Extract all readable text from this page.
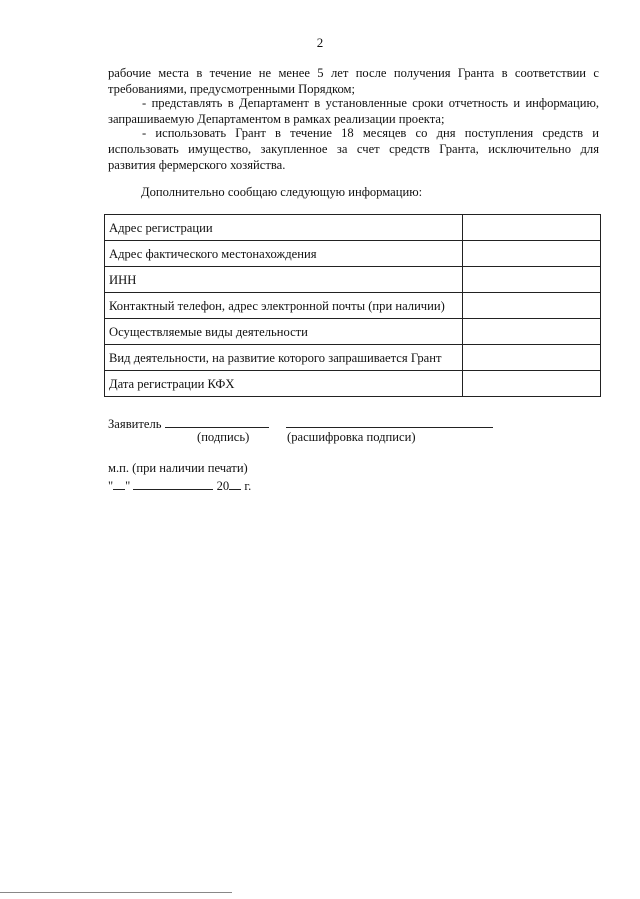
2
рабочие места в течение не менее 5 лет после получения Гранта в соответствии с требованиями, предусмотренными Порядком;
- представлять в Департамент в установленные сроки отчетность и информацию, запрашиваемую Департаментом в рамках реализации проекта;
- использовать Грант в течение 18 месяцев со дня поступления средств и использовать имущество, закупленное за счет средств Гранта, исключительно для развития фермерского хозяйства.
Дополнительно сообщаю следующую информацию:
Адрес регистрации	
Адрес фактического местонахождения	
ИНН	
Контактный телефон, адрес электронной почты (при наличии)	
Осуществляемые виды деятельности	
Вид деятельности, на развитие которого запрашивается Грант	
Дата регистрации КФХ	
Заявитель
(подпись)	(расшифровка подписи)
м.п. (при наличии печати)
" "	20 г.
